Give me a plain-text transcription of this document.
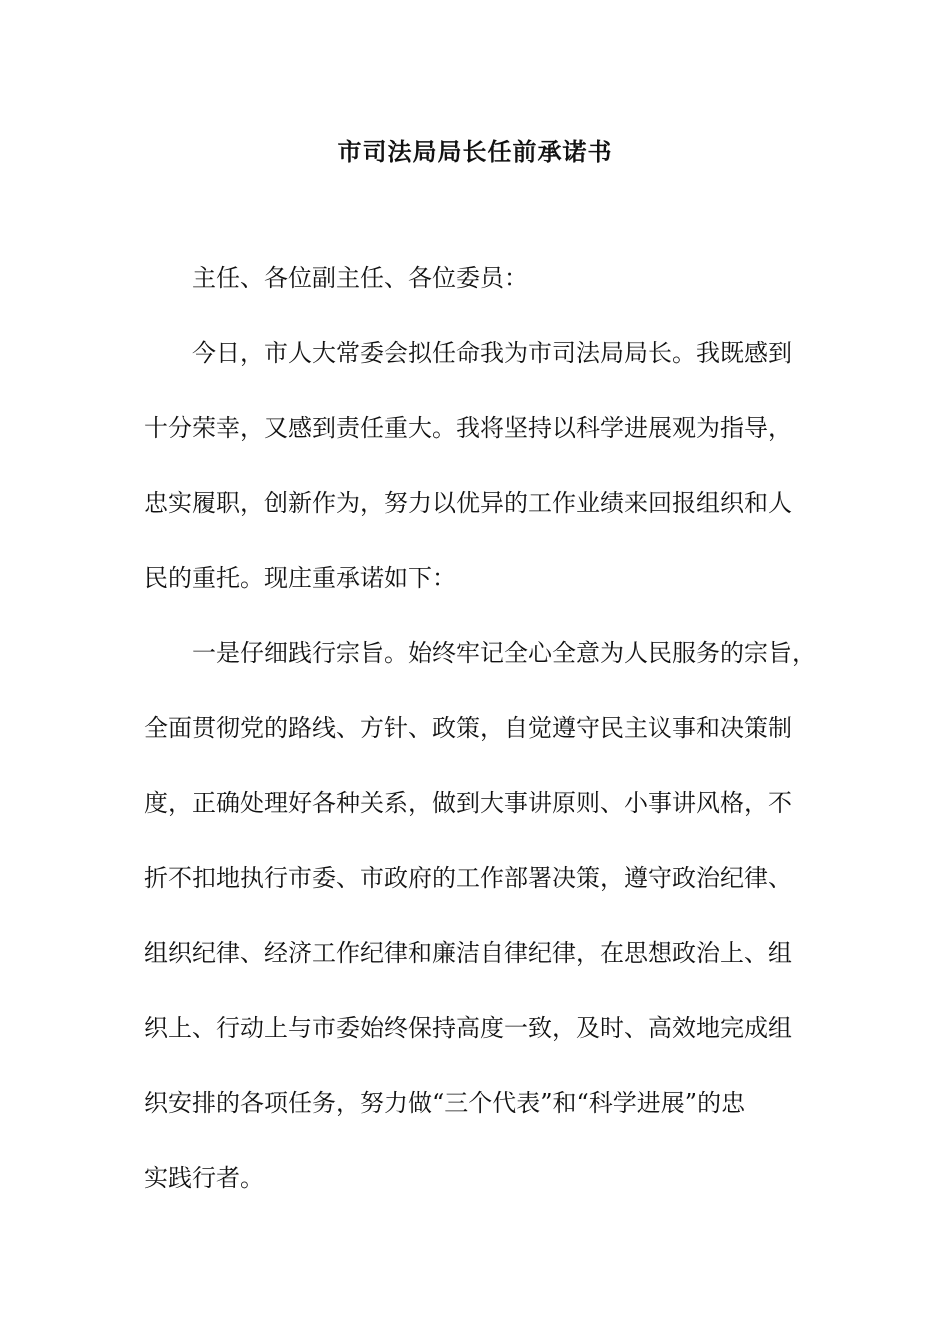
市司法局局长任前承诺书
主任、各位副主任、各位委员：
今日，市人大常委会拟任命我为市司法局局长。我既感到
十分荣幸，又感到责任重大。我将坚持以科学进展观为指导，
忠实履职，创新作为，努力以优异的工作业绩来回报组织和人
民的重托。现庄重承诺如下：
一是仔细践行宗旨。始终牢记全心全意为人民服务的宗旨，
全面贯彻党的路线、方针、政策，自觉遵守民主议事和决策制
度，正确处理好各种关系，做到大事讲原则、小事讲风格，不
折不扣地执行市委、市政府的工作部署决策，遵守政治纪律、
组织纪律、经济工作纪律和廉洁自律纪律，在思想政治上、组
织上、行动上与市委始终保持高度一致，及时、高效地完成组
织安排的各项任务，努力做“三个代表”和“科学进展”的忠
实践行者。
